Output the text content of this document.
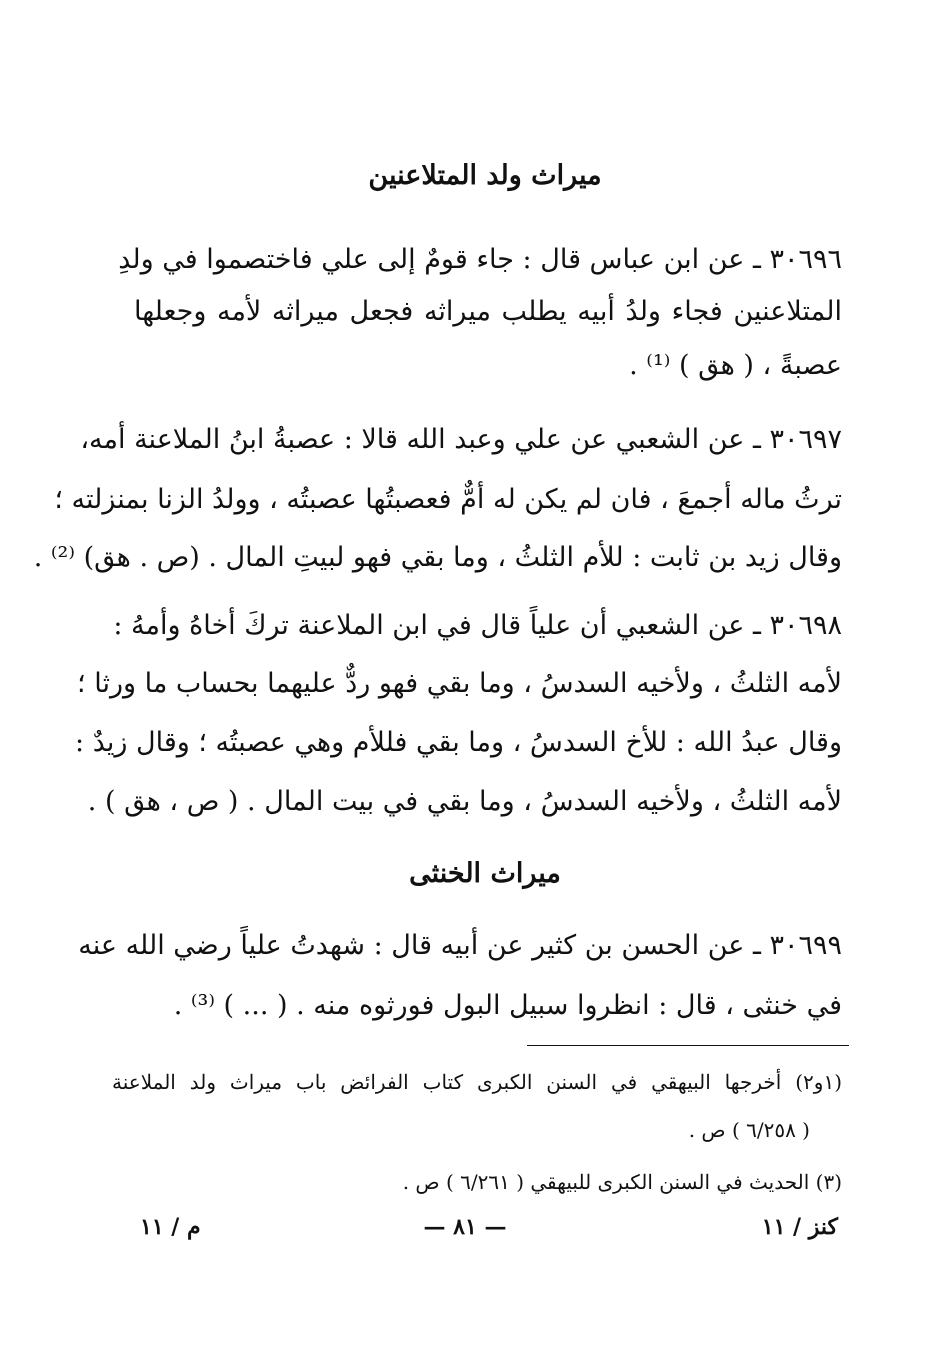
ميراث ولد المتلاعنين
٣٠٦٩٦ ـ عن ابن عباس قال : جاء قومٌ إلى علي فاختصموا في ولدِ
المتلاعنين فجاء ولدُ أبيه يطلب ميراثه فجعل ميراثه لأمه وجعلها
عصبةً ، ( هق ) ⁽¹⁾ .
٣٠٦٩٧ ـ عن الشعبي عن علي وعبد الله قالا : عصبةُ ابنُ الملاعنة أمه،
ترثُ ماله أجمعَ ، فان لم يكن له أمٌّ فعصبتُها عصبتُه ، وولدُ الزنا بمنزلته ؛
وقال زيد بن ثابت : للأم الثلثُ ، وما بقي فهو لبيتِ المال . (ص . هق) ⁽²⁾ .
٣٠٦٩٨ ـ عن الشعبي أن علياً قال في ابن الملاعنة تركَ أخاهُ وأمهُ :
لأمه الثلثُ ، ولأخيه السدسُ ، وما بقي فهو ردٌّ عليهما بحساب ما ورثا ؛
وقال عبدُ الله : للأخ السدسُ ، وما بقي فللأم وهي عصبتُه ؛ وقال زيدٌ :
لأمه الثلثُ ، ولأخيه السدسُ ، وما بقي في بيت المال . ( ص ، هق ) .
ميراث الخنثى
٣٠٦٩٩ ـ عن الحسن بن كثير عن أبيه قال : شهدتُ علياً رضي الله عنه
في خنثى ، قال : انظروا سبيل البول فورثوه منه . ( ... ) ⁽³⁾ .
(١و٢) أخرجها البيهقي في السنن الكبرى كتاب الفرائض باب ميراث ولد الملاعنة
( ٦/٢٥٨ ) ص .
(٣) الحديث في السنن الكبرى للبيهقي ( ٦/٢٦١ ) ص .
كنز / ١١
— ٨١ —
م / ١١
